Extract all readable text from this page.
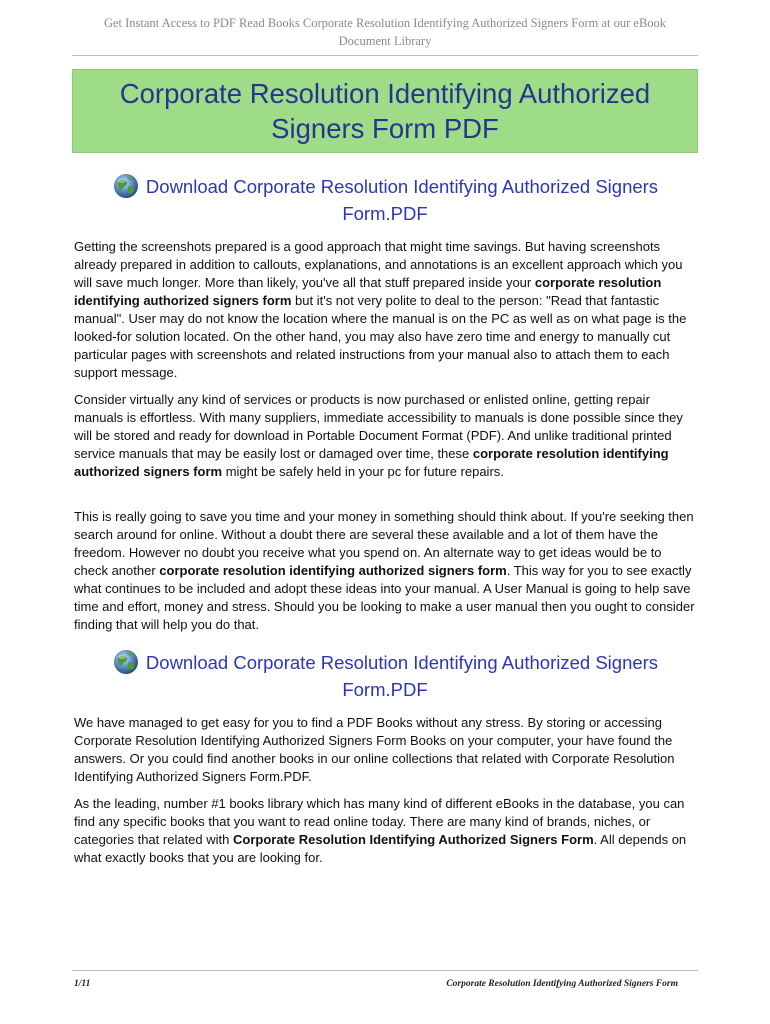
Get Instant Access to PDF Read Books Corporate Resolution Identifying Authorized Signers Form at our eBook
Document Library
Corporate Resolution Identifying Authorized
Signers Form PDF
Download Corporate Resolution Identifying Authorized Signers
Form.PDF

Getting the screenshots prepared is a good approach that might time savings. But having screenshots already prepared in addition to callouts, explanations, and annotations is an excellent approach which you will save much longer. More than likely, you've all that stuff prepared inside your corporate resolution identifying authorized signers form but it's not very polite to deal to the person: "Read that fantastic manual". User may do not know the location where the manual is on the PC as well as on what page is the looked-for solution located. On the other hand, you may also have zero time and energy to manually cut particular pages with screenshots and related instructions from your manual also to attach them to each support message.

Consider virtually any kind of services or products is now purchased or enlisted online, getting repair manuals is effortless. With many suppliers, immediate accessibility to manuals is done possible since they will be stored and ready for download in Portable Document Format (PDF). And unlike traditional printed service manuals that may be easily lost or damaged over time, these corporate resolution identifying authorized signers form might be safely held in your pc for future repairs.

This is really going to save you time and your money in something should think about. If you're seeking then search around for online. Without a doubt there are several these available and a lot of them have the freedom. However no doubt you receive what you spend on. An alternate way to get ideas would be to check another corporate resolution identifying authorized signers form. This way for you to see exactly what continues to be included and adopt these ideas into your manual. A User Manual is going to help save time and effort, money and stress. Should you be looking to make a user manual then you ought to consider finding that will help you do that.

Download Corporate Resolution Identifying Authorized Signers
Form.PDF

We have managed to get easy for you to find a PDF Books without any stress. By storing or accessing Corporate Resolution Identifying Authorized Signers Form Books on your computer, your have found the answers. Or you could find another books in our online collections that related with Corporate Resolution Identifying Authorized Signers Form.PDF.

As the leading, number #1 books library which has many kind of different eBooks in the database, you can find any specific books that you want to read online today. There are many kind of brands, niches, or categories that related with Corporate Resolution Identifying Authorized Signers Form. All depends on what exactly books that you are looking for.

1/11	Corporate Resolution Identifying Authorized Signers Form
